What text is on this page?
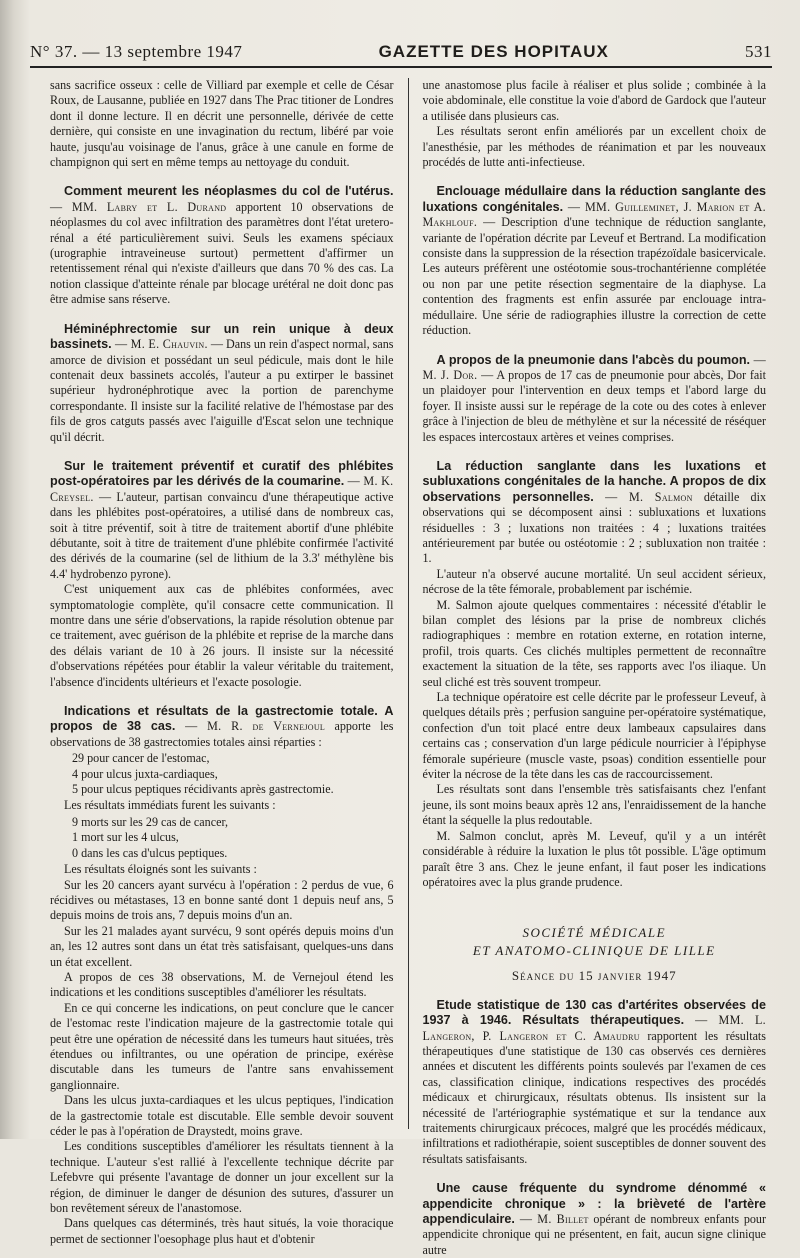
N° 37. — 13 septembre 1947	GAZETTE DES HOPITAUX	531

sans sacrifice osseux : celle de Villiard par exemple et celle de César Roux, de Lausanne, publiée en 1927 dans The Prac titioner de Londres dont il donne lecture. Il en décrit une personnelle, dérivée de cette dernière, qui consiste en une invagination du rectum, libéré par voie haute, jusqu'au voisinage de l'anus, grâce à une canule en forme de champignon qui sert en même temps au nettoyage du conduit.

Comment meurent les néoplasmes du col de l'utérus. — MM. Labry et L. Durand apportent 10 observations de néoplasmes du col avec infiltration des paramètres dont l'état uretero-rénal a été particulièrement suivi. Seuls les examens spéciaux (urographie intraveineuse surtout) permettent d'affirmer un retentissement rénal qui n'existe d'ailleurs que dans 70 % des cas. La notion classique d'atteinte rénale par blocage urétéral ne doit donc pas être admise sans réserve.

Héminéphrectomie sur un rein unique à deux bassinets. — M. E. Chauvin. — Dans un rein d'aspect normal, sans amorce de division et possédant un seul pédicule, mais dont le hile contenait deux bassinets accolés, l'auteur a pu extirper le bassinet supérieur hydronéphrotique avec la portion de parenchyme correspondante. Il insiste sur la facilité relative de l'hémostase par des fils de gros catguts passés avec l'aiguille d'Escat selon une technique qu'il décrit.

Sur le traitement préventif et curatif des phlébites post-opératoires par les dérivés de la coumarine. — M. K. Creysel. — L'auteur, partisan convaincu d'une thérapeutique active dans les phlébites post-opératoires, a utilisé dans de nombreux cas, soit à titre préventif, soit à titre de traitement abortif d'une phlébite débutante, soit à titre de traitement d'une phlébite confirmée l'activité des dérivés de la coumarine (sel de lithium de la 3.3' méthylène bis 4.4' hydrobenzo pyrone).

C'est uniquement aux cas de phlébites conformées, avec symptomatologie complète, qu'il consacre cette communication. Il montre dans une série d'observations, la rapide résolution obtenue par ce traitement, avec guérison de la phlébite et reprise de la marche dans des délais variant de 10 à 26 jours. Il insiste sur la nécessité d'observations répétées pour établir la valeur véritable du traitement, l'absence d'incidents ultérieurs et l'exacte posologie.

Indications et résultats de la gastrectomie totale. A propos de 38 cas. — M. R. de Vernejoul apporte les observations de 38 gastrectomies totales ainsi réparties :

29 pour cancer de l'estomac,
4 pour ulcus juxta-cardiaques,
5 pour ulcus peptiques récidivants après gastrectomie.

Les résultats immédiats furent les suivants :

9 morts sur les 29 cas de cancer,
1 mort sur les 4 ulcus,
0 dans les cas d'ulcus peptiques.

Les résultats éloignés sont les suivants :

Sur les 20 cancers ayant survécu à l'opération : 2 perdus de vue, 6 récidives ou métastases, 13 en bonne santé dont 1 depuis neuf ans, 5 depuis moins de trois ans, 7 depuis moins d'un an.

Sur les 21 malades ayant survécu, 9 sont opérés depuis moins d'un an, les 12 autres sont dans un état très satisfaisant, quelques-uns dans un état excellent.

A propos de ces 38 observations, M. de Vernejoul étend les indications et les conditions susceptibles d'améliorer les résultats.

En ce qui concerne les indications, on peut conclure que le cancer de l'estomac reste l'indication majeure de la gastrectomie totale qui peut être une opération de nécessité dans les tumeurs haut situées, très étendues ou infiltrantes, ou une opération de principe, exérèse discutable dans les tumeurs de l'antre sans envahissement ganglionnaire.

Dans les ulcus juxta-cardiaques et les ulcus peptiques, l'indication de la gastrectomie totale est discutable. Elle semble devoir souvent céder le pas à l'opération de Draystedt, moins grave.

Les conditions susceptibles d'améliorer les résultats tiennent à la technique. L'auteur s'est rallié à l'excellente technique décrite par Lefebvre qui présente l'avantage de donner un jour excellent sur la région, de diminuer le danger de désunion des sutures, d'assurer un bon revêtement séreux de l'anastomose.

Dans quelques cas déterminés, très haut situés, la voie thoracique permet de sectionner l'oesophage plus haut et d'obtenir

une anastomose plus facile à réaliser et plus solide ; combinée à la voie abdominale, elle constitue la voie d'abord de Gardock que l'auteur a utilisée dans plusieurs cas.

Les résultats seront enfin améliorés par un excellent choix de l'anesthésie, par les méthodes de réanimation et par les nouveaux procédés de lutte anti-infectieuse.

Enclouage médullaire dans la réduction sanglante des luxations congénitales. — MM. Guilleminet, J. Marion et A. Makhlouf. — Description d'une technique de réduction sanglante, variante de l'opération décrite par Leveuf et Bertrand. La modification consiste dans la suppression de la résection trapézoïdale basicervicale. Les auteurs préfèrent une ostéotomie sous-trochantérienne complétée ou non par une petite résection segmentaire de la diaphyse. La contention des fragments est enfin assurée par enclouage intra-médullaire. Une série de radiographies illustre la correction de cette réduction.

A propos de la pneumonie dans l'abcès du poumon. — M. J. Dor. — A propos de 17 cas de pneumonie pour abcès, Dor fait un plaidoyer pour l'intervention en deux temps et l'abord large du foyer. Il insiste aussi sur le repérage de la cote ou des cotes à enlever grâce à l'injection de bleu de méthylène et sur la nécessité de réséquer les espaces intercostaux artères et veines comprises.

La réduction sanglante dans les luxations et subluxations congénitales de la hanche. A propos de dix observations personnelles. — M. Salmon détaille dix observations qui se décomposent ainsi : subluxations et luxations résiduelles : 3 ; luxations non traitées : 4 ; luxations traitées antérieurement par butée ou ostéotomie : 2 ; subluxation non traitée : 1.

L'auteur n'a observé aucune mortalité. Un seul accident sérieux, nécrose de la tête fémorale, probablement par ischémie.

M. Salmon ajoute quelques commentaires : nécessité d'établir le bilan complet des lésions par la prise de nombreux clichés radiographiques : membre en rotation externe, en rotation interne, profil, trois quarts. Ces clichés multiples permettent de reconnaître exactement la situation de la tête, ses rapports avec l'os iliaque. Un seul cliché est très souvent trompeur.

La technique opératoire est celle décrite par le professeur Leveuf, à quelques détails près ; perfusion sanguine per-opératoire systématique, confection d'un toit placé entre deux lambeaux capsulaires dans certains cas ; conservation d'un large pédicule nourricier à l'épiphyse fémorale supérieure (muscle vaste, psoas) condition essentielle pour éviter la nécrose de la tête dans les cas de raccourcissement.

Les résultats sont dans l'ensemble très satisfaisants chez l'enfant jeune, ils sont moins beaux après 12 ans, l'enraidissement de la hanche étant la séquelle la plus redoutable.

M. Salmon conclut, après M. Leveuf, qu'il y a un intérêt considérable à réduire la luxation le plus tôt possible. L'âge optimum paraît être 3 ans. Chez le jeune enfant, il faut poser les indications opératoires avec la plus grande prudence.

SOCIÉTÉ MÉDICALE
ET ANATOMO-CLINIQUE DE LILLE
Séance du 15 janvier 1947

Etude statistique de 130 cas d'artérites observées de 1937 à 1946. Résultats thérapeutiques. — MM. L. Langeron, P. Langeron et C. Amaudru rapportent les résultats thérapeutiques d'une statistique de 130 cas observés ces dernières années et discutent les différents points soulevés par l'examen de ces cas, classification clinique, indications respectives des procédés médicaux et chirurgicaux, résultats obtenus. Ils insistent sur la nécessité de l'artériographie systématique et sur la tendance aux traitements chirurgicaux précoces, malgré que les procédés médicaux, infiltrations et radiothérapie, soient susceptibles de donner souvent des résultats satisfaisants.

Une cause fréquente du syndrome dénommé « appendicite chronique » : la brièveté de l'artère appendiculaire. — M. Billet opérant de nombreux enfants pour appendicite chronique qui ne présentent, en fait, aucun signe clinique autre
